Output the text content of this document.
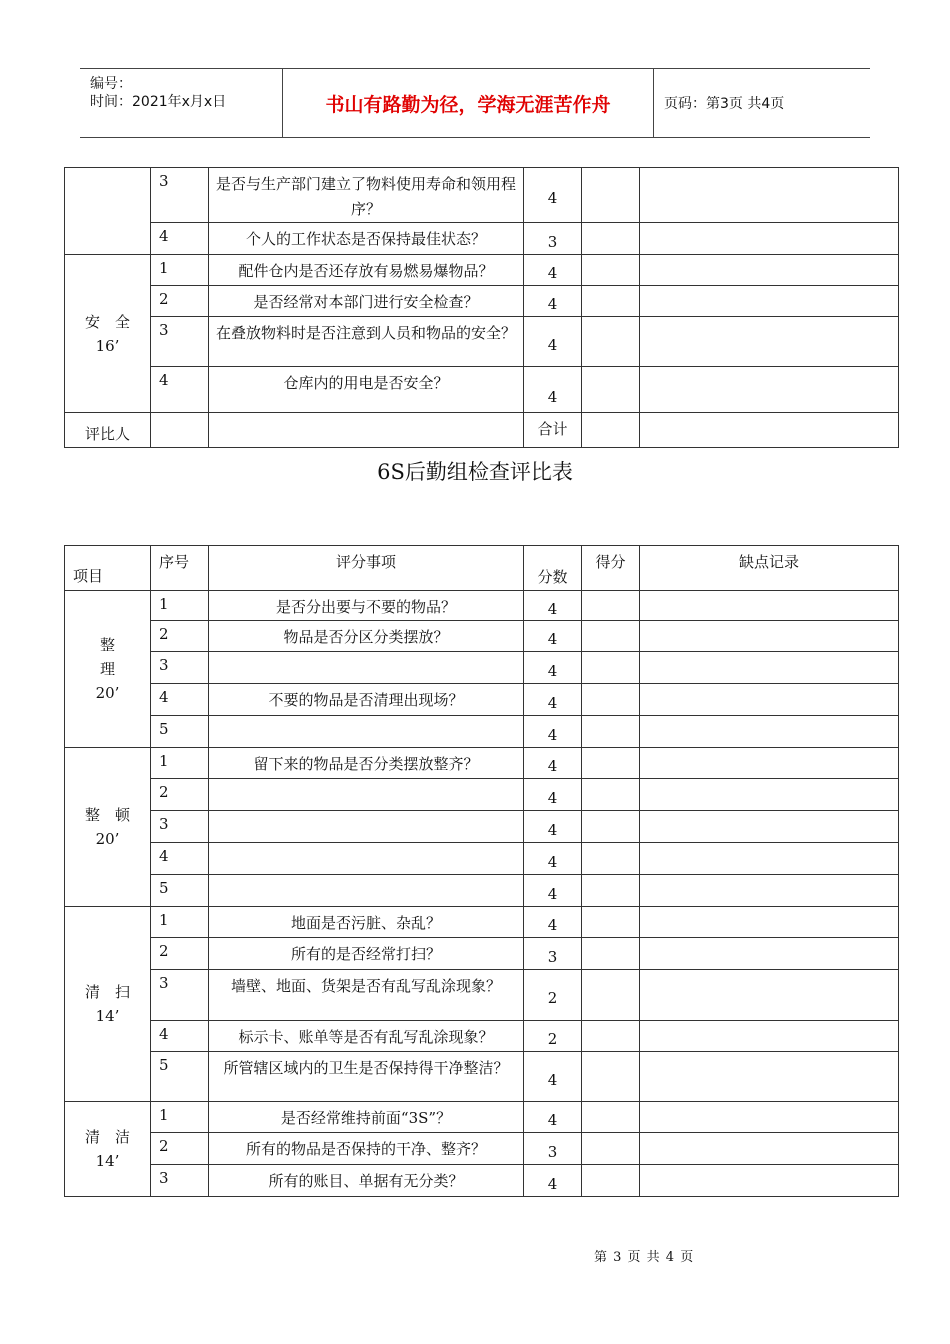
编号：
时间：2021年x月x日	书山有路勤为径，学海无涯苦作舟	页码：第3页 共4页
	3	是否与生产部门建立了物料使用寿命和领用程序？	4		
	4	个人的工作状态是否保持最佳状态？	3		

安　全
16’	1	配件仓内是否还存放有易燃易爆物品？	4		
	2	是否经常对本部门进行安全检查？	4		
	3	在叠放物料时是否注意到人员和物品的安全？	4		
	4	仓库内的用电是否安全？	4		
评比人			合计		
6S后勤组检查评比表
项目	序号	评分事项	分数	得分	缺点记录

整
理
20’	1	是否分出要与不要的物品？	4		
	2	物品是否分区分类摆放？	4		
	3		4		
	4	不要的物品是否清理出现场？	4		
	5		4		

整　顿
20’	1	留下来的物品是否分类摆放整齐？	4		
	2		4		
	3		4		
	4		4		
	5		4		

清　扫
14’	1	地面是否污脏、杂乱？	4		
	2	所有的是否经常打扫？	3		
	3	墙壁、地面、货架是否有乱写乱涂现象？	2		
	4	标示卡、账单等是否有乱写乱涂现象？	2		
	5	所管辖区域内的卫生是否保持得干净整洁？	4		

清　洁
14’	1	是否经常维持前面“3S”？	4		
	2	所有的物品是否保持的干净、整齐？	3		
	3	所有的账目、单据有无分类？	4		
第 3 页 共 4 页
